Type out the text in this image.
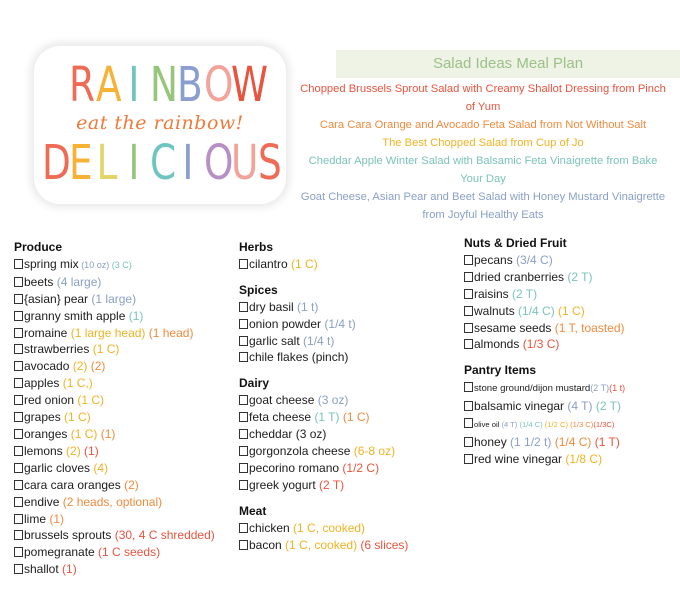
R A I N B O
W
eat the rainbow!
D
E L I C I O
U S
Salad Ideas Meal Plan
Chopped Brussels Sprout Salad with Creamy Shallot Dressing from Pinch of Yum
Cara Cara Orange and Avocado Feta Salad from Not Without Salt
The Best Chopped Salad from Cup of Jo
Cheddar Apple Winter Salad with Balsamic Feta Vinaigrette from Bake Your Day
Goat Cheese, Asian Pear and Beet Salad with Honey Mustard Vinaigrette from Joyful Healthy Eats
Produce
spring mix (10 oz) (3 C)
beets (4 large)
{asian} pear (1 large)
granny smith apple (1)
romaine (1 large head) (1 head)
strawberries (1 C)
avocado (2) (2)
apples (1 C,)
red onion (1 C)
grapes (1 C)
oranges (1 C) (1)
lemons (2) (1)
garlic cloves (4)
cara cara oranges (2)
endive (2 heads, optional)
lime (1)
brussels sprouts (30, 4 C shredded)
pomegranate (1 C seeds)
shallot (1)
Herbs
cilantro (1 C)
Spices
dry basil (1 t)
onion powder (1/4 t)
garlic salt (1/4 t)
chile flakes (pinch)
Dairy
goat cheese (3 oz)
feta cheese (1 T) (1 C)
cheddar (3 oz)
gorgonzola cheese (6-8 oz)
pecorino romano (1/2 C)
greek yogurt (2 T)
Meat
chicken (1 C, cooked)
bacon (1 C, cooked) (6 slices)
Nuts & Dried Fruit
pecans (3/4 C)
dried cranberries (2 T)
raisins (2 T)
walnuts (1/4 C) (1 C)
sesame seeds (1 T, toasted)
almonds (1/3 C)
Pantry Items
stone ground/dijon mustard(2 T)(1 t)
balsamic vinegar (4 T) (2 T)
olive oil (4 T) (1/4 C) (1/2 C) (1/3 C)(1/3C)
honey (1 1/2 t) (1/4 C) (1 T)
red wine vinegar (1/8 C)
